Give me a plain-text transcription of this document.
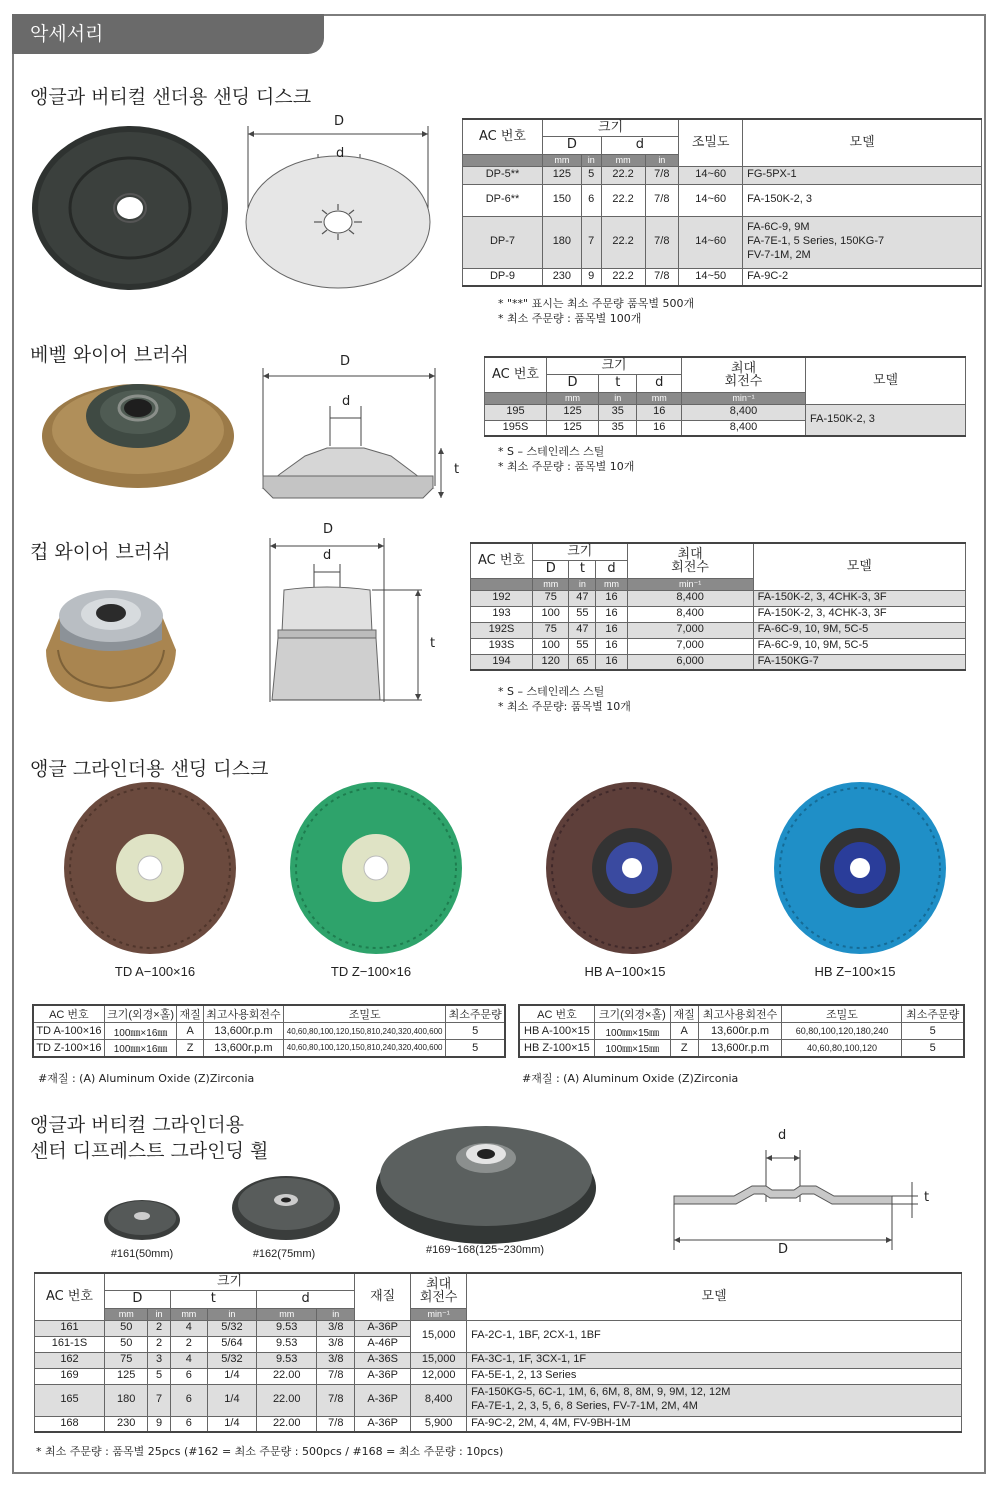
악세서리
앵글과 버티컬 샌더용 샌딩 디스크
D
d
AC 번호	크기				조밀도	모델
	D		d			
	mm	in	mm	in		
DP-5**	125	5	22.2	7/8	14~60	FG-5PX-1
DP-6**	150	6	22.2	7/8	14~60	FA-150K-2, 3
DP-7	180	7	22.2	7/8	14~60	FA-6C-9, 9M
FA-7E-1, 5 Series, 150KG-7
FV-7-1M, 2M

DP-9	230	9	22.2	7/8	14~50	FA-9C-2
* "**" 표시는 최소 주문량 품목별 500개
* 최소 주문량 : 품목별 100개
베벨 와이어 브러쉬	D
d
t
AC 번호	크기			최대
회전수	모델
	D	t	d		
	mm	in	mm	min⁻¹	
195	125	35	16	8,400	FA-150K-2, 3
195S	125	35	16	8,400	
* S – 스테인레스 스틸
* 최소 주문량 : 품목별 10개
컵 와이어 브러쉬
D
d
t
AC 번호	크기			최대
회전수	모델
	D	t	d		
	mm	in	mm	min⁻¹	
192	75	47	16	8,400	FA-150K-2, 3, 4CHK-3, 3F
193	100	55	16	8,400	FA-150K-2, 3, 4CHK-3, 3F
192S	75	47	16	7,000	FA-6C-9, 10, 9M, 5C-5
193S	100	55	16	7,000	FA-6C-9, 10, 9M, 5C-5
194	120	65	16	6,000	FA-150KG-7
* S – 스테인레스 스틸
* 최소 주문량: 품목별 10개
앵글 그라인더용 샌딩 디스크
TD A−100×16	TD Z−100×16	HB A−100×15	HB Z−100×15
AC 번호	크기(외경×홀)	재질	최고사용회전수	조밀도	최소주문량
TD A-100×16	100㎜×16㎜	A	13,600r.p.m	40,60,80,100,120,150,810,240,320,400,600	5
TD Z-100×16	100㎜×16㎜	Z	13,600r.p.m	40,60,80,100,120,150,810,240,320,400,600	5
AC 번호	크기(외경×홀)	재질	최고사용회전수	조밀도	최소주문량
HB A-100×15	100㎜×15㎜	A	13,600r.p.m	60,80,100,120,180,240	5
HB Z-100×15	100㎜×15㎜	Z	13,600r.p.m	40,60,80,100,120	5
#재질 : (A) Aluminum Oxide (Z)Zirconia	#재질 : (A) Aluminum Oxide (Z)Zirconia
앵글과 버티컬 그라인더용
센터 디프레스트 그라인딩 휠
#161(50mm)	#162(75mm)	#169~168(125~230mm)
d
t
D
AC 번호	크기						재질	최대
회전수	모델
	D		t		d				
	mm	in	mm	in	mm	in		min⁻¹	
161	50	2	4	5/32	9.53	3/8	A-36P	15,000	FA-2C-1, 1BF, 2CX-1, 1BF
161-1S	50	2	2	5/64	9.53	3/8	A-46P		
162	75	3	4	5/32	9.53	3/8	A-36S	15,000	FA-3C-1, 1F, 3CX-1, 1F
169	125	5	6	1/4	22.00	7/8	A-36P	12,000	FA-5E-1, 2, 13 Series
165	180	7	6	1/4	22.00	7/8	A-36P	8,400	FA-150KG-5, 6C-1, 1M, 6, 6M, 8, 8M, 9, 9M, 12, 12M
FA-7E-1, 2, 3, 5, 6, 8 Series, FV-7-1M, 2M, 4M

168	230	9	6	1/4	22.00	7/8	A-36P	5,900	FA-9C-2, 2M, 4, 4M, FV-9BH-1M
* 최소 주문량 : 품목별 25pcs (#162 = 최소 주문량 : 500pcs / #168 = 최소 주문량 : 10pcs)
